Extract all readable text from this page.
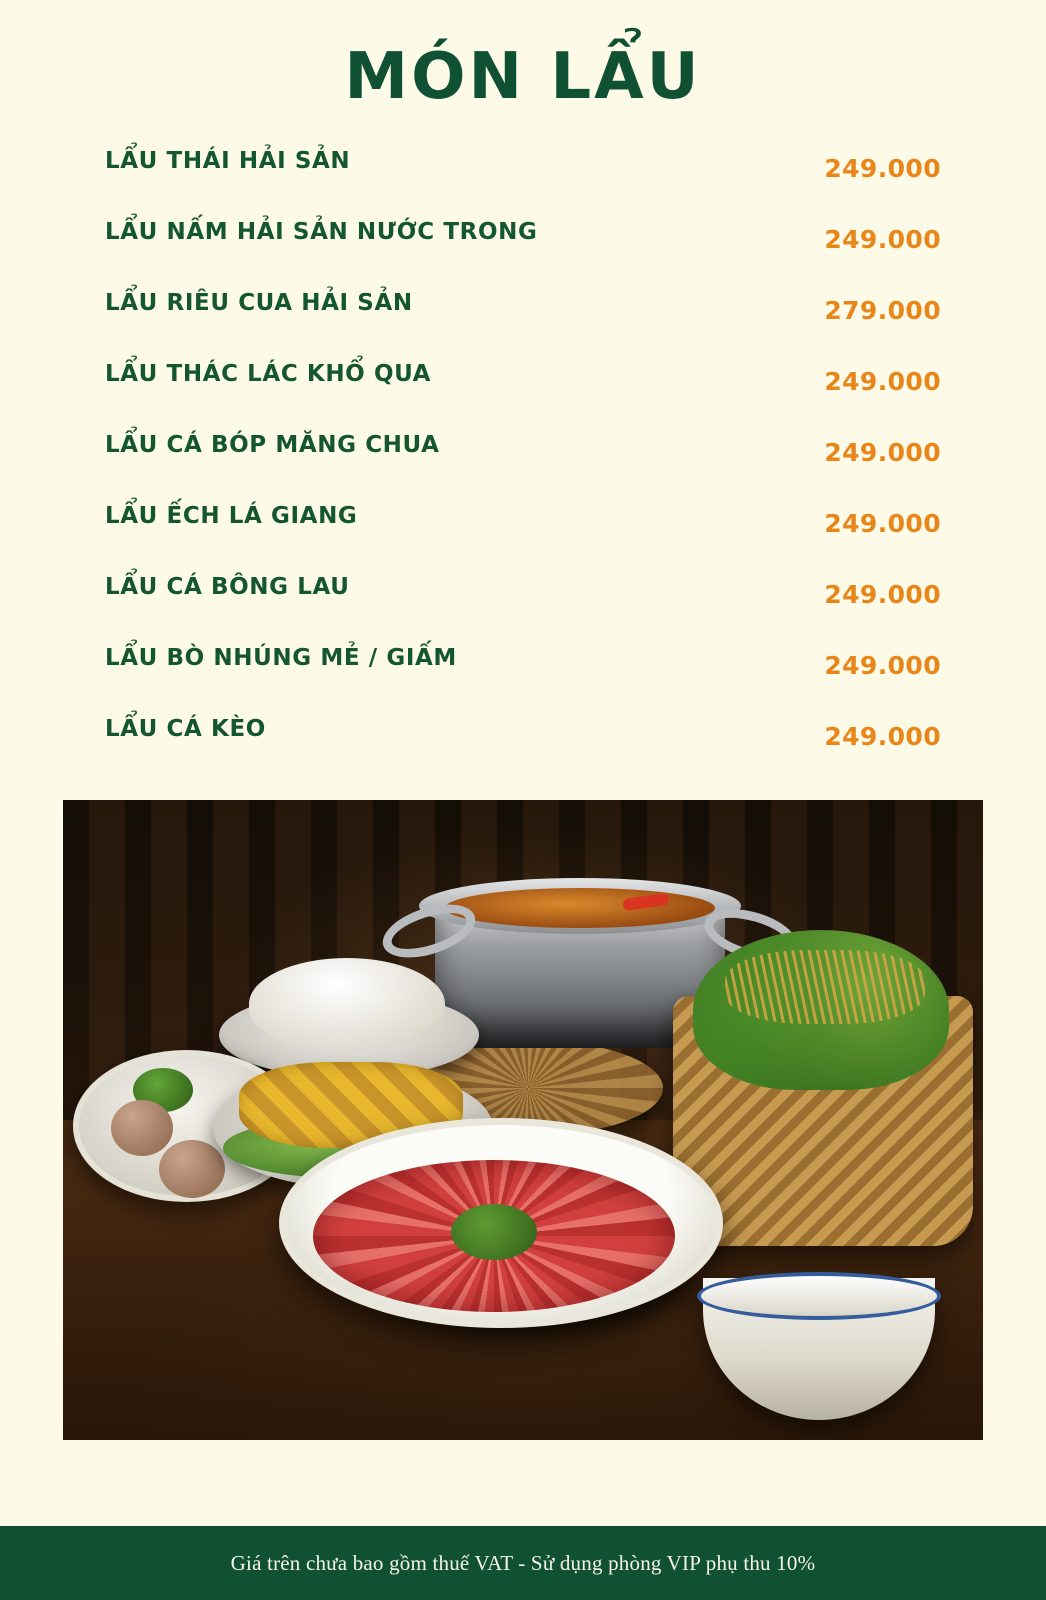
MÓN LẨU
LẨU THÁI HẢI SẢN	249.000
LẨU NẤM HẢI SẢN NƯỚC TRONG	249.000
LẨU RIÊU CUA HẢI SẢN	279.000
LẨU THÁC LÁC KHỔ QUA	249.000
LẨU CÁ BÓP MĂNG CHUA	249.000
LẨU ẾCH LÁ GIANG	249.000
LẨU CÁ BÔNG LAU	249.000
LẨU BÒ NHÚNG MẺ / GIẤM	249.000
LẨU CÁ KÈO	249.000
Giá trên chưa bao gồm thuế VAT - Sử dụng phòng VIP phụ thu 10%
